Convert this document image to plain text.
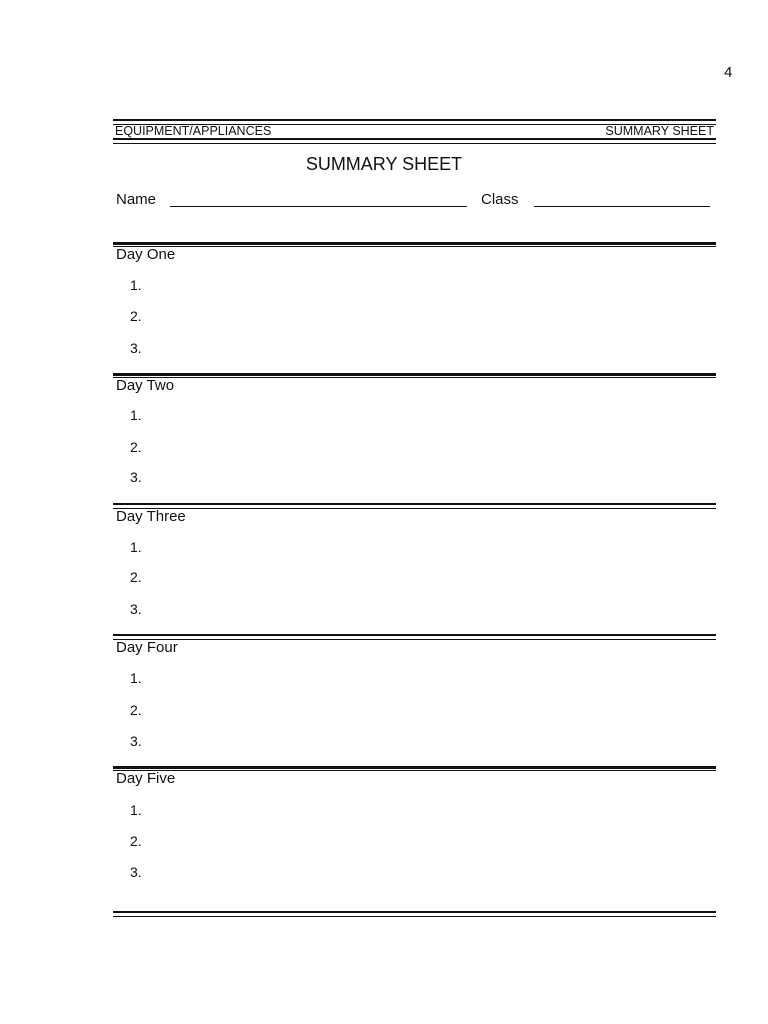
4
EQUIPMENT/APPLIANCES	SUMMARY SHEET
SUMMARY SHEET
Name	Class
Day One
1.
2.
3.
Day Two
1.
2.
3.
Day Three
1.
2.
3.
Day Four
1.
2.
3.
Day Five
1.
2.
3.
